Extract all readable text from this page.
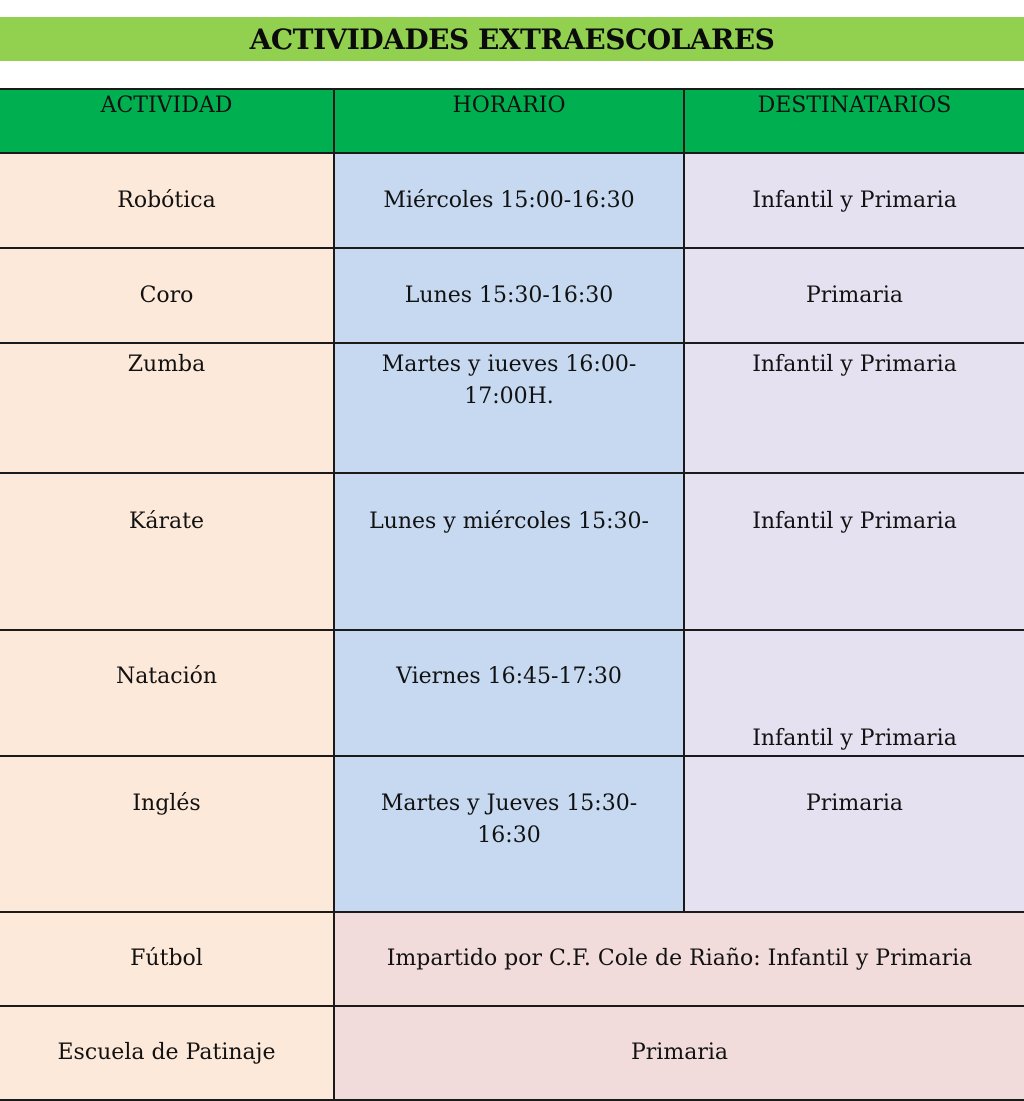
ACTIVIDADES EXTRAESCOLARES
ACTIVIDAD	HORARIO	DESTINATARIOS
Robótica	Miércoles 15:00-16:30	Infantil y Primaria
Coro	Lunes 15:30-16:30	Primaria
Zumba	Martes y iueves 16:00-17:00H.	Infantil y Primaria
Kárate	Lunes y miércoles 15:30-	Infantil y Primaria
Natación	Viernes 16:45-17:30	Infantil y Primaria
Inglés	Martes y Jueves 15:30-16:30	Primaria
Fútbol	Impartido por C.F. Cole de Riaño: Infantil y Primaria	
Escuela de Patinaje	Primaria	
